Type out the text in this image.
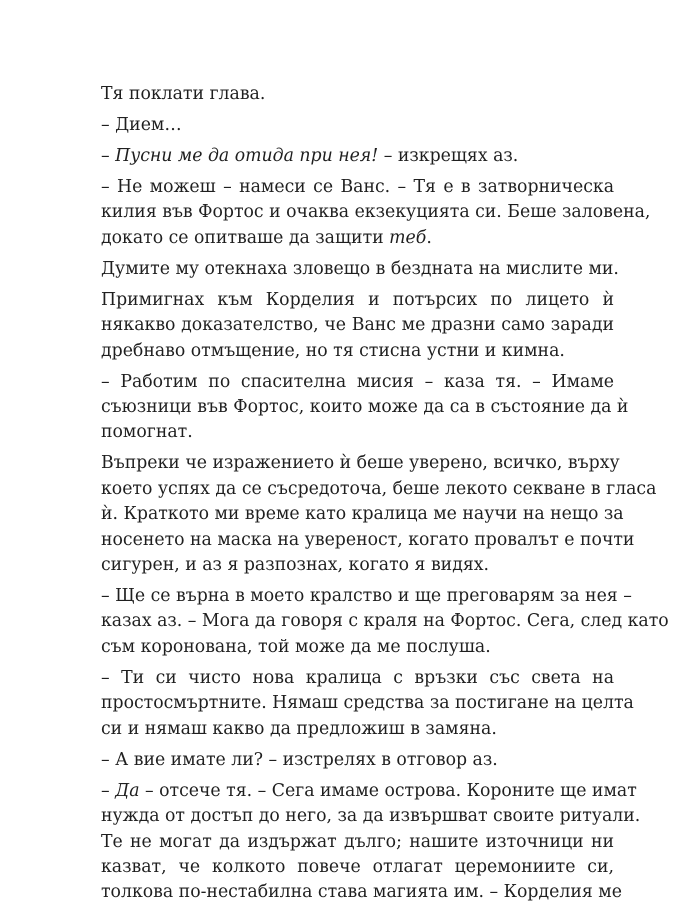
Тя поклати глава.

– Дием…

– Пусни ме да отида при нея! – изкрещях аз.

– Не можеш – намеси се Ванс. – Тя е в затворническа
килия във Фортос и очаква екзекуцията си. Беше заловена,
докато се опитваше да защити теб.

Думите му отекнаха зловещо в бездната на мислите ми.

Примигнах към Корделия и потърсих по лицето ѝ
някакво доказателство, че Ванс ме дразни само заради
дребнаво отмъщение, но тя стисна устни и кимна.

– Работим по спасителна мисия – каза тя. – Имаме
съюзници във Фортос, които може да са в състояние да ѝ
помогнат.

Въпреки че изражението ѝ беше уверено, всичко, върху
което успях да се съсредоточа, беше лекото секване в гласа
ѝ. Краткото ми време като кралица ме научи на нещо за
носенето на маска на увереност, когато провалът е почти
сигурен, и аз я разпознах, когато я видях.

– Ще се върна в моето кралство и ще преговарям за нея –
казах аз. – Мога да говоря с краля на Фортос. Сега, след като
съм коронована, той може да ме послуша.

– Ти си чисто нова кралица с връзки със света на
простосмъртните. Нямаш средства за постигане на целта
си и нямаш какво да предложиш в замяна.

– А вие имате ли? – изстрелях в отговор аз.

– Да – отсече тя. – Сега имаме острова. Короните ще имат
нужда от достъп до него, за да извършват своите ритуали.
Те не могат да издържат дълго; нашите източници ни
казват, че колкото повече отлагат церемониите си,
толкова по-нестабилна става магията им. – Корделия ме
